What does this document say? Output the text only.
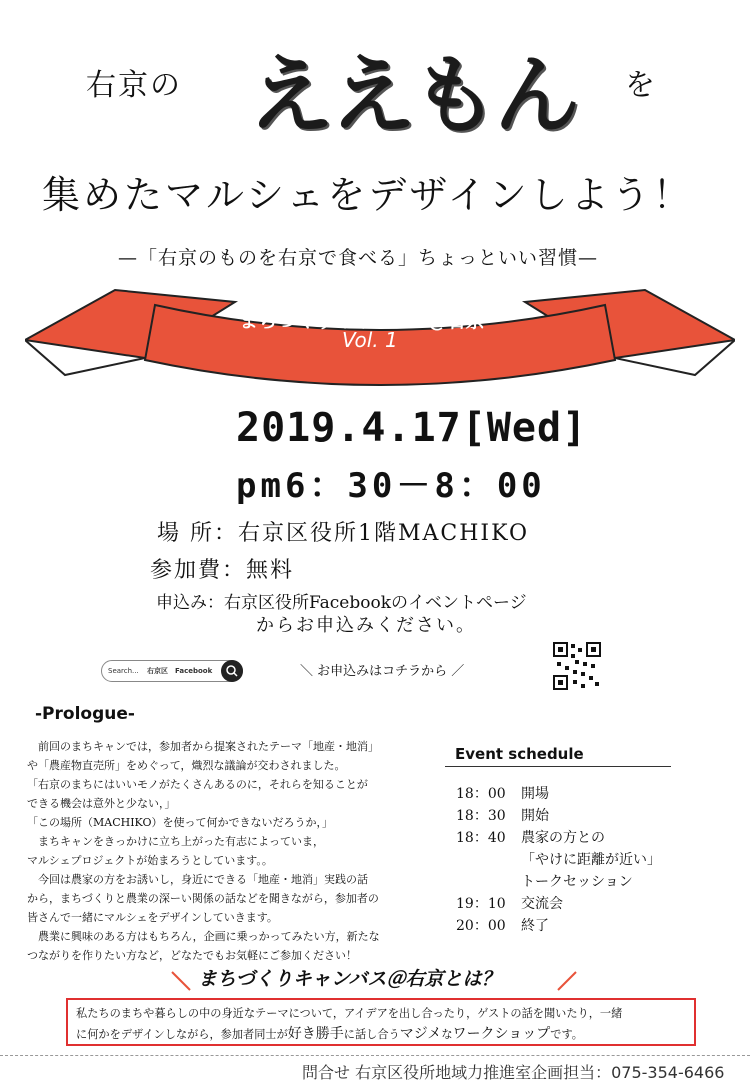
右京の ええもん を
集めたマルシェをデザインしよう！
—「右京のものを右京で食べる」ちょっといい習慣—
まちづくりキャンバス@右京
Vol. 1
2019.4.17[Wed]
pm6：30－8：00
場 所：右京区役所1階MACHIKO
参加費：無料
申込み：右京区役所Facebookのイベントページ
からお申込みください。
Search... 右京区　Facebook	＼ お申込みはコチラから ／
-Prologue-

　前回のまちキャンでは，参加者から提案されたテーマ「地産・地消」

や「農産物直売所」をめぐって，熾烈な議論が交わされました。

「右京のまちにはいいモノがたくさんあるのに，それらを知ることが

できる機会は意外と少ない，」

「この場所（MACHIKO）を使って何かできないだろうか，」

　まちキャンをきっかけに立ち上がった有志によっていま，

マルシェプロジェクトが始まろうとしています。。

　今回は農家の方をお誘いし，身近にできる「地産・地消」実践の話

から，まちづくりと農業の深ーい関係の話などを聞きながら，参加者の

皆さんで一緒にマルシェをデザインしていきます。

　農業に興味のある方はもちろん，企画に乗っかってみたい方，新たな

つながりを作りたい方など，どなたでもお気軽にご参加ください！

Event schedule
18：00	開場
18：30	開始
18：40	農家の方との
「やけに距離が近い」
トークセッション
19：10	交流会
20：00	終了
まちづくりキャンバス＠右京とは？
私たちのまちや暮らしの中の身近なテーマについて，アイデアを出し合ったり，ゲストの話を聞いたり，一緒
に何かをデザインしながら，参加者同士が好き勝手に話し合うマジメなワークショップです。
問合せ 右京区役所地域力推進室企画担当：075-354-6466
